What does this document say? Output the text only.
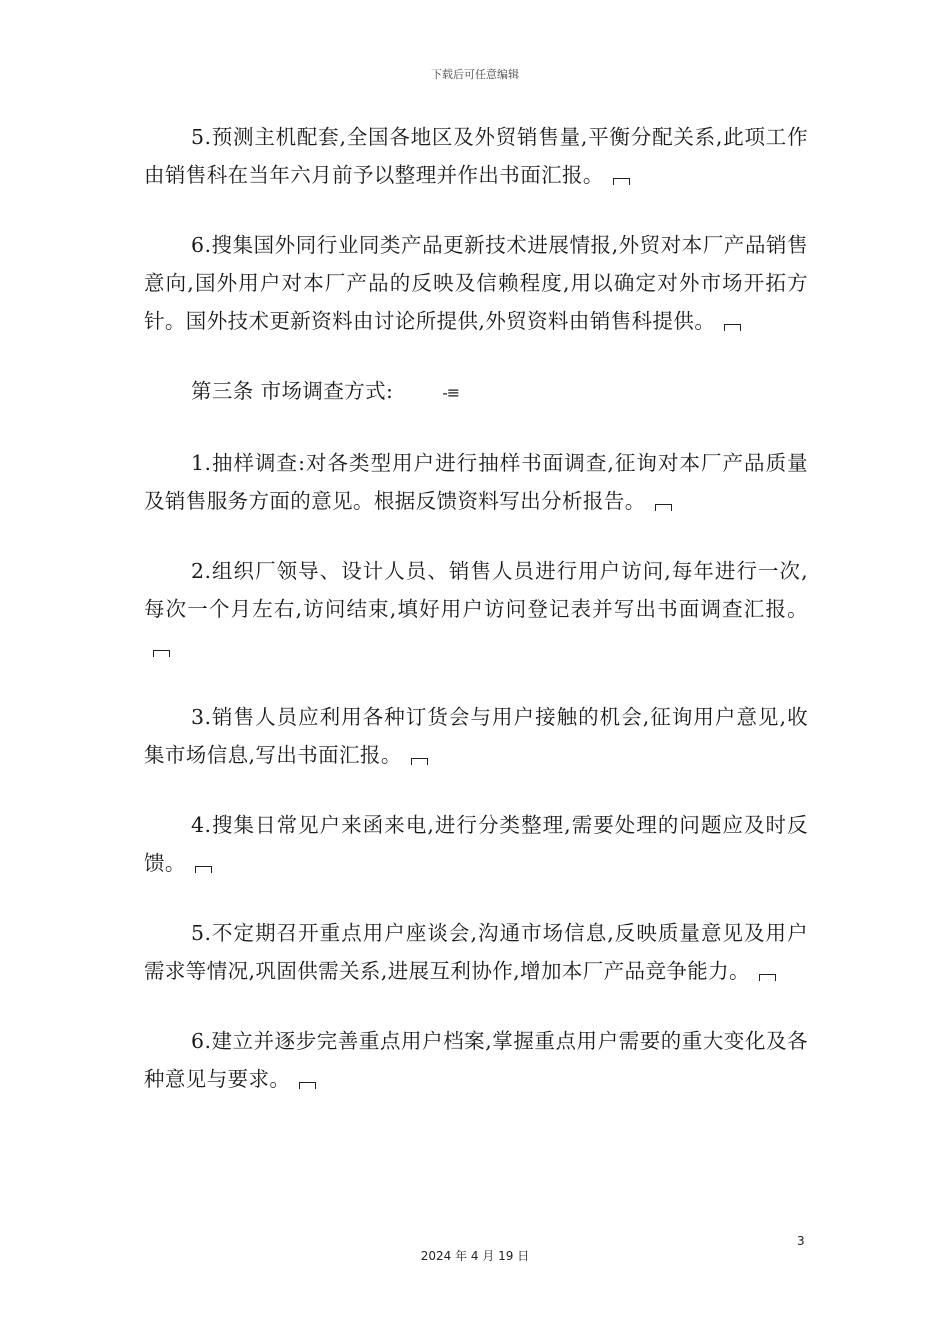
下载后可任意编辑

5.预测主机配套,全国各地区及外贸销售量,平衡分配关系,此项工作由销售科在当年六月前予以整理并作出书面汇报。

6.搜集国外同行业同类产品更新技术进展情报,外贸对本厂产品销售意向,国外用户对本厂产品的反映及信赖程度,用以确定对外市场开拓方针。国外技术更新资料由讨论所提供,外贸资料由销售科提供。

第三条 市场调查方式:	-≡

1.抽样调查:对各类型用户进行抽样书面调查,征询对本厂产品质量及销售服务方面的意见。根据反馈资料写出分析报告。

2.组织厂领导、设计人员、销售人员进行用户访问,每年进行一次,每次一个月左右,访问结束,填好用户访问登记表并写出书面调查汇报。

3.销售人员应利用各种订货会与用户接触的机会,征询用户意见,收集市场信息,写出书面汇报。

4.搜集日常见户来函来电,进行分类整理,需要处理的问题应及时反馈。

5.不定期召开重点用户座谈会,沟通市场信息,反映质量意见及用户需求等情况,巩固供需关系,进展互利协作,增加本厂产品竞争能力。

6.建立并逐步完善重点用户档案,掌握重点用户需要的重大变化及各种意见与要求。

3
2024 年 4 月 19 日
